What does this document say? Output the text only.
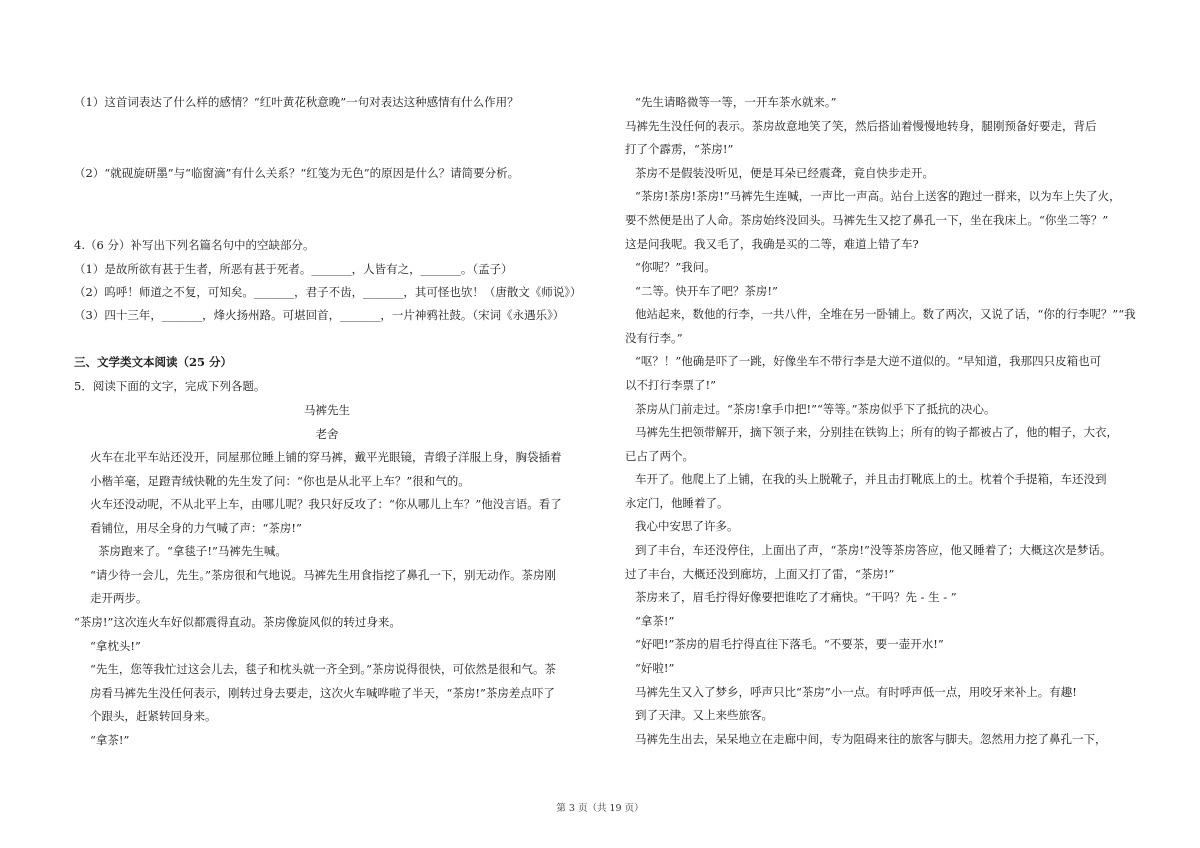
（1）这首词表达了什么样的感情？“红叶黄花秋意晚”一句对表达这种感情有什么作用？
（2）“就砚旋研墨”与“临窗滴”有什么关系？“红笺为无色”的原因是什么？请简要分析。
4.（6 分）补写出下列名篇名句中的空缺部分。
（1）是故所欲有甚于生者，所恶有甚于死者。_______，人皆有之，_______。（孟子）
（2）呜呼！师道之不复，可知矣。_______，君子不齿，_______，其可怪也欤！（唐散文《师说》）
（3）四十三年，_______，烽火扬州路。可堪回首，_______，一片神鸦社鼓。（宋词《永遇乐》）
三、文学类文本阅读（25 分）
5．阅读下面的文字，完成下列各题。
马裤先生
老舍
火车在北平车站还没开，同屋那位睡上铺的穿马裤，戴平光眼镜，青缎子洋服上身，胸袋插着
小楷羊毫，足蹬青绒快靴的先生发了问：“你也是从北平上车？”很和气的。
火车还没动呢，不从北平上车，由哪儿呢？我只好反攻了：“你从哪儿上车？”他没言语。看了
看铺位，用尽全身的力气喊了声：“茶房!”
茶房跑来了。“拿毯子!”马裤先生喊。
“请少待一会儿，先生。”茶房很和气地说。马裤先生用食指挖了鼻孔一下，别无动作。茶房刚
走开两步。
“茶房!”这次连火车好似都震得直动。茶房像旋风似的转过身来。
“拿枕头!”
“先生，您等我忙过这会儿去，毯子和枕头就一齐全到。”茶房说得很快，可依然是很和气。茶
房看马裤先生没任何表示，刚转过身去要走，这次火车喊哗啦了半天，“茶房!”茶房差点吓了
个跟头，赶紧转回身来。
“拿茶!”
“先生请略微等一等，一开车茶水就来。”
马裤先生没任何的表示。茶房故意地笑了笑，然后搭讪着慢慢地转身，腿刚预备好要走，背后
打了个霹雳，“茶房!”
茶房不是假装没听见，便是耳朵已经震聋，竟自快步走开。
“茶房!茶房!茶房!”马裤先生连喊，一声比一声高。站台上送客的跑过一群来，以为车上失了火，
要不然便是出了人命。茶房始终没回头。马裤先生又挖了鼻孔一下，坐在我床上。“你坐二等？”
这是问我呢。我又毛了，我确是买的二等，难道上错了车?
“你呢？”我问。
“二等。快开车了吧？茶房!”
他站起来，数他的行李，一共八件，全堆在另一卧铺上。数了两次，又说了话，“你的行李呢？”“我
没有行李。”
“呕？！”他确是吓了一跳，好像坐车不带行李是大逆不道似的。“早知道，我那四只皮箱也可
以不打行李票了!”
茶房从门前走过。“茶房!拿手巾把!”“等等。”茶房似乎下了抵抗的决心。
马裤先生把领带解开，摘下领子来，分别挂在铁钩上；所有的钩子都被占了，他的帽子，大衣，
已占了两个。
车开了。他爬上了上铺，在我的头上脱靴子，并且击打靴底上的土。枕着个手提箱，车还没到
永定门，他睡着了。
我心中安思了许多。
到了丰台，车还没停住，上面出了声，“茶房!”没等茶房答应，他又睡着了；大概这次是梦话。
过了丰台，大概还没到廊坊，上面又打了雷，“茶房!”
茶房来了，眉毛拧得好像要把谁吃了才痛快。“干吗？先 - 生 - ”
“拿茶!”
“好吧!”茶房的眉毛拧得直往下落毛。“不要茶，要一壶开水!”
“好啦!”
马裤先生又入了梦乡，呼声只比“茶房”小一点。有时呼声低一点，用咬牙来补上。有趣!
到了天津。又上来些旅客。
马裤先生出去，呆呆地立在走廊中间，专为阻碍来往的旅客与脚夫。忽然用力挖了鼻孔一下，
第 3 页（共 19 页）
